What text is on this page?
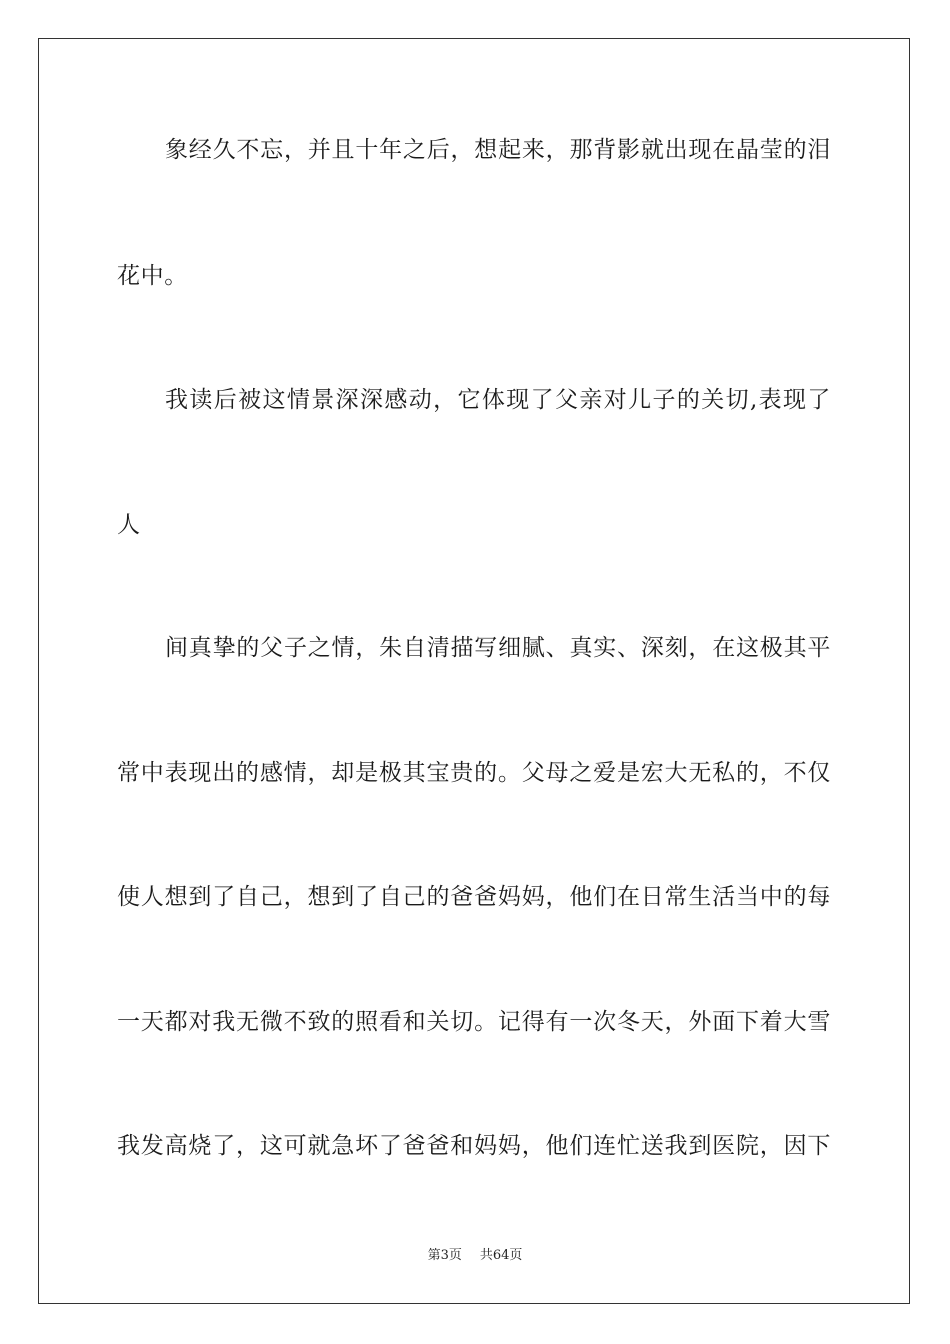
象经久不忘，并且十年之后，想起来，那背影就出现在晶莹的泪
花中。
我读后被这情景深深感动，它体现了父亲对儿子的关切,表现了
人
间真挚的父子之情，朱自清描写细腻、真实、深刻，在这极其平
常中表现出的感情，却是极其宝贵的。父母之爱是宏大无私的，不仅
使人想到了自己，想到了自己的爸爸妈妈，他们在日常生活当中的每
一天都对我无微不致的照看和关切。记得有一次冬天，外面下着大雪
我发高烧了，这可就急坏了爸爸和妈妈，他们连忙送我到医院，因下
第3页 共64页
